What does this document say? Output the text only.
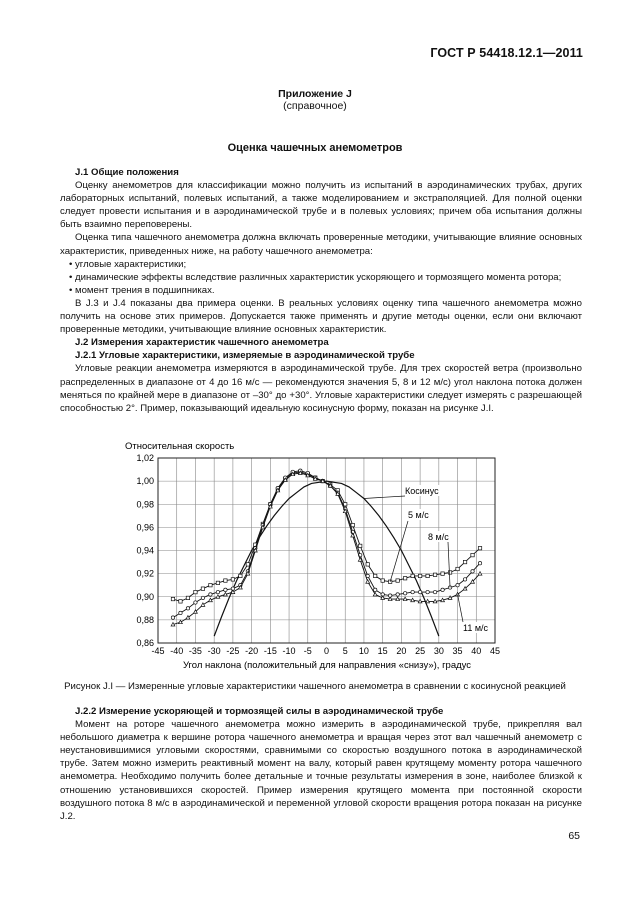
ГОСТ Р 54418.12.1—2011
Приложение J
(справочное)
Оценка чашечных анемометров

J.1 Общие положения

Оценку анемометров для классификации можно получить из испытаний в аэродинамических трубах, других лабораторных испытаний, полевых испытаний, а также моделированием и экстраполяцией. Для полной оценки следует провести испытания и в аэродинамической трубе и в полевых условиях; причем оба испытания должны быть взаимно переповерены.

Оценка типа чашечного анемометра должна включать проверенные методики, учитывающие влияние основных характеристик, приведенных ниже, на работу чашечного анемометра:

• угловые характеристики;

• динамические эффекты вследствие различных характеристик ускоряющего и тормозящего момента ротора;

• момент трения в подшипниках.

В J.3 и J.4 показаны два примера оценки. В реальных условиях оценку типа чашечного анемометра можно получить на основе этих примеров. Допускается также применять и другие методы оценки, если они включают проверенные методики, учитывающие влияние основных характеристик.

J.2 Измерения характеристик чашечного анемометра

J.2.1 Угловые характеристики, измеряемые в аэродинамической трубе

Угловые реакции анемометра измеряются в аэродинамической трубе. Для трех скоростей ветра (произвольно распределенных в диапазоне от 4 до 16 м/с — рекомендуются значения 5, 8 и 12 м/с) угол наклона потока должен меняться по крайней мере в диапазоне от –30° до +30°. Угловые характеристики следует измерять с разрешающей способностью 2°. Пример, показывающий идеальную косинусную форму, показан на рисунке J.I.

Относительная скорость
Угол наклона (положительный для направления «снизу»), градус
-45 -40 -35 -30 -25 -20 -15 -10 -5 0 5 10 15 20 25 30 35 40 45
0,86
0,88
0,90
0,92
0,94
0,96
0,98
1,00
1,02
Косинус
5 м/с
8 м/с
11 м/с
Рисунок J.I — Измеренные угловые характеристики чашечного анемометра в сравнении с косинусной реакцией

J.2.2 Измерение ускоряющей и тормозящей силы в аэродинамической трубе

Момент на роторе чашечного анемометра можно измерить в аэродинамической трубе, прикрепляя вал небольшого диаметра к вершине ротора чашечного анемометра и вращая через этот вал чашечный анемометр с неустановившимися угловыми скоростями, сравнимыми со скоростью воздушного потока в аэродинамической трубе. Затем можно измерить реактивный момент на валу, который равен крутящему моменту ротора чашечного анемометра. Необходимо получить более детальные и точные результаты измерения в зоне, наиболее близкой к отношению установившихся скоростей. Пример измерения крутящего момента при постоянной скорости воздушного потока 8 м/с в аэродинамической и переменной угловой скорости вращения ротора показан на рисунке J.2.

65
